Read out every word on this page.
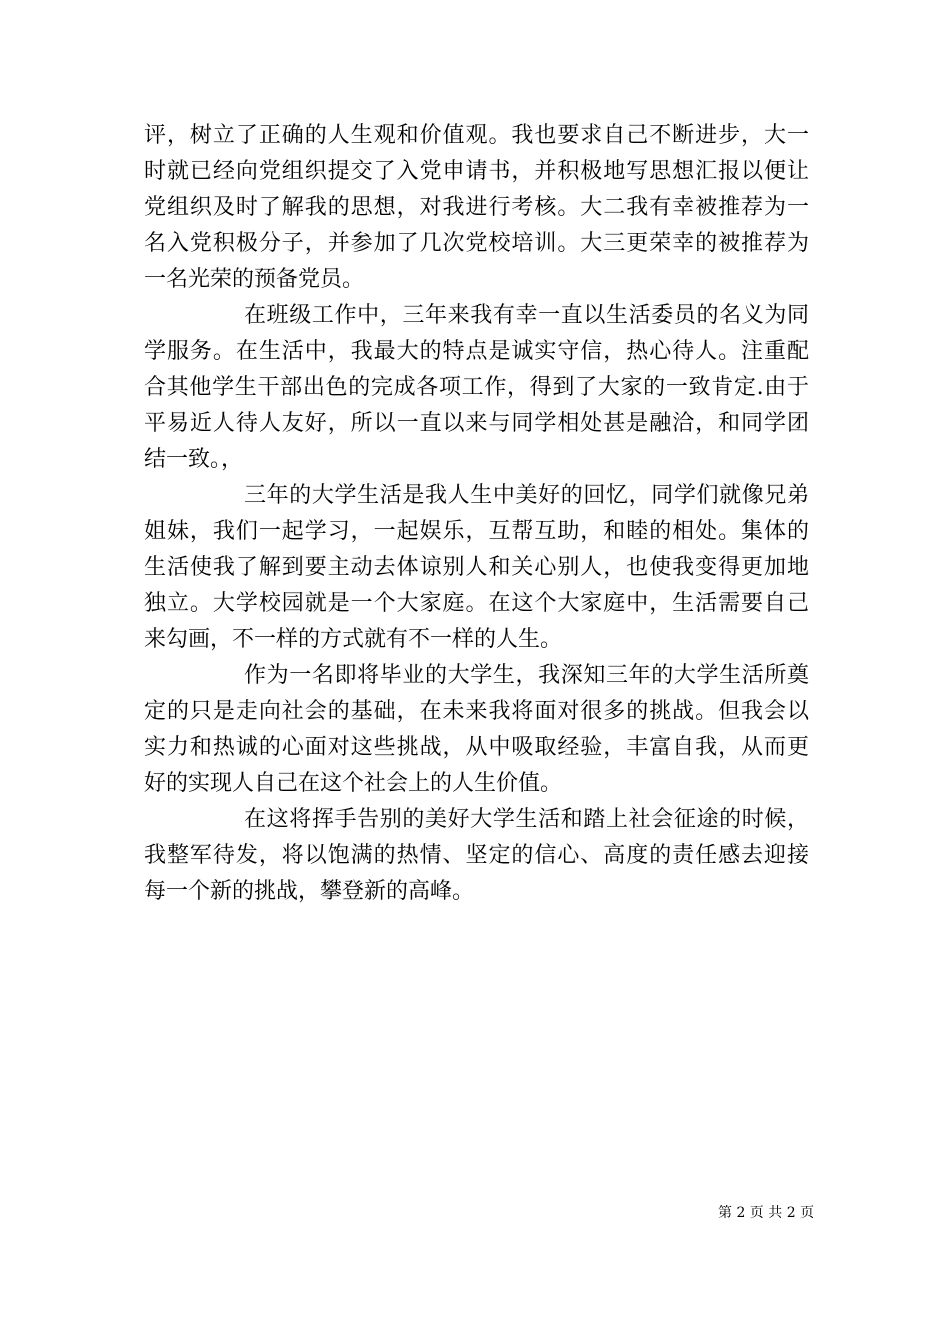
评，树立了正确的人生观和价值观。我也要求自己不断进步，大一
时就已经向党组织提交了入党申请书，并积极地写思想汇报以便让
党组织及时了解我的思想，对我进行考核。大二我有幸被推荐为一
名入党积极分子，并参加了几次党校培训。大三更荣幸的被推荐为
一名光荣的预备党员。
在班级工作中，三年来我有幸一直以生活委员的名义为同
学服务。在生活中，我最大的特点是诚实守信，热心待人。注重配
合其他学生干部出色的完成各项工作，得到了大家的一致肯定.由于
平易近人待人友好，所以一直以来与同学相处甚是融洽，和同学团
结一致。，
三年的大学生活是我人生中美好的回忆，同学们就像兄弟
姐妹，我们一起学习，一起娱乐，互帮互助，和睦的相处。集体的
生活使我了解到要主动去体谅别人和关心别人，也使我变得更加地
独立。大学校园就是一个大家庭。在这个大家庭中，生活需要自己
来勾画，不一样的方式就有不一样的人生。
作为一名即将毕业的大学生，我深知三年的大学生活所奠
定的只是走向社会的基础，在未来我将面对很多的挑战。但我会以
实力和热诚的心面对这些挑战，从中吸取经验，丰富自我，从而更
好的实现人自己在这个社会上的人生价值。
在这将挥手告别的美好大学生活和踏上社会征途的时候，
我整军待发，将以饱满的热情、坚定的信心、高度的责任感去迎接
每一个新的挑战，攀登新的高峰。
第 2 页 共 2 页
